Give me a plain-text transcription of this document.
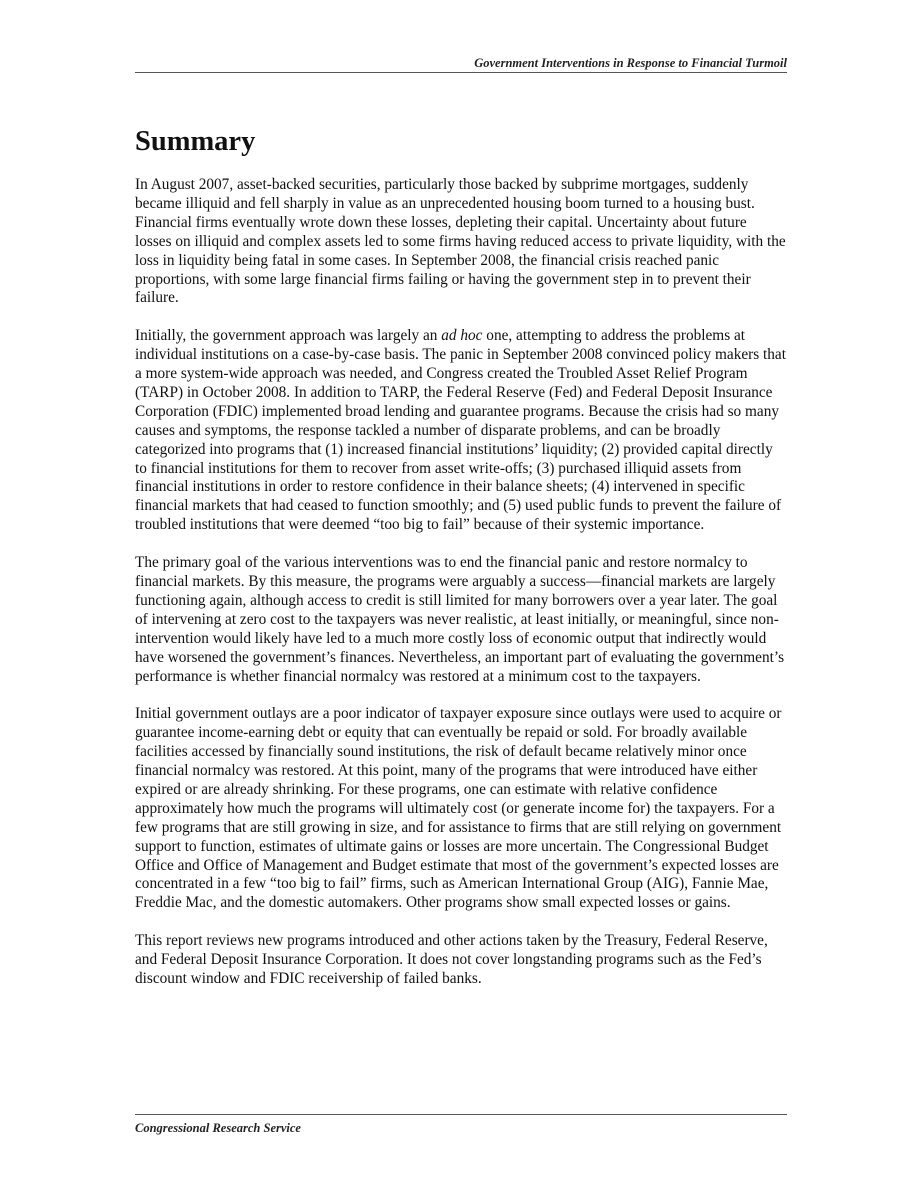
Government Interventions in Response to Financial Turmoil
Summary

In August 2007, asset-backed securities, particularly those backed by subprime mortgages, suddenly became illiquid and fell sharply in value as an unprecedented housing boom turned to a housing bust. Financial firms eventually wrote down these losses, depleting their capital. Uncertainty about future losses on illiquid and complex assets led to some firms having reduced access to private liquidity, with the loss in liquidity being fatal in some cases. In September 2008, the financial crisis reached panic proportions, with some large financial firms failing or having the government step in to prevent their failure.

Initially, the government approach was largely an ad hoc one, attempting to address the problems at individual institutions on a case-by-case basis. The panic in September 2008 convinced policy makers that a more system-wide approach was needed, and Congress created the Troubled Asset Relief Program (TARP) in October 2008. In addition to TARP, the Federal Reserve (Fed) and Federal Deposit Insurance Corporation (FDIC) implemented broad lending and guarantee programs. Because the crisis had so many causes and symptoms, the response tackled a number of disparate problems, and can be broadly categorized into programs that (1) increased financial institutions’ liquidity; (2) provided capital directly to financial institutions for them to recover from asset write-offs; (3) purchased illiquid assets from financial institutions in order to restore confidence in their balance sheets; (4) intervened in specific financial markets that had ceased to function smoothly; and (5) used public funds to prevent the failure of troubled institutions that were deemed “too big to fail” because of their systemic importance.

The primary goal of the various interventions was to end the financial panic and restore normalcy to financial markets. By this measure, the programs were arguably a success—financial markets are largely functioning again, although access to credit is still limited for many borrowers over a year later. The goal of intervening at zero cost to the taxpayers was never realistic, at least initially, or meaningful, since non-intervention would likely have led to a much more costly loss of economic output that indirectly would have worsened the government’s finances. Nevertheless, an important part of evaluating the government’s performance is whether financial normalcy was restored at a minimum cost to the taxpayers.

Initial government outlays are a poor indicator of taxpayer exposure since outlays were used to acquire or guarantee income-earning debt or equity that can eventually be repaid or sold. For broadly available facilities accessed by financially sound institutions, the risk of default became relatively minor once financial normalcy was restored. At this point, many of the programs that were introduced have either expired or are already shrinking. For these programs, one can estimate with relative confidence approximately how much the programs will ultimately cost (or generate income for) the taxpayers. For a few programs that are still growing in size, and for assistance to firms that are still relying on government support to function, estimates of ultimate gains or losses are more uncertain. The Congressional Budget Office and Office of Management and Budget estimate that most of the government’s expected losses are concentrated in a few “too big to fail” firms, such as American International Group (AIG), Fannie Mae, Freddie Mac, and the domestic automakers. Other programs show small expected losses or gains.

This report reviews new programs introduced and other actions taken by the Treasury, Federal Reserve, and Federal Deposit Insurance Corporation. It does not cover longstanding programs such as the Fed’s discount window and FDIC receivership of failed banks.

Congressional Research Service
